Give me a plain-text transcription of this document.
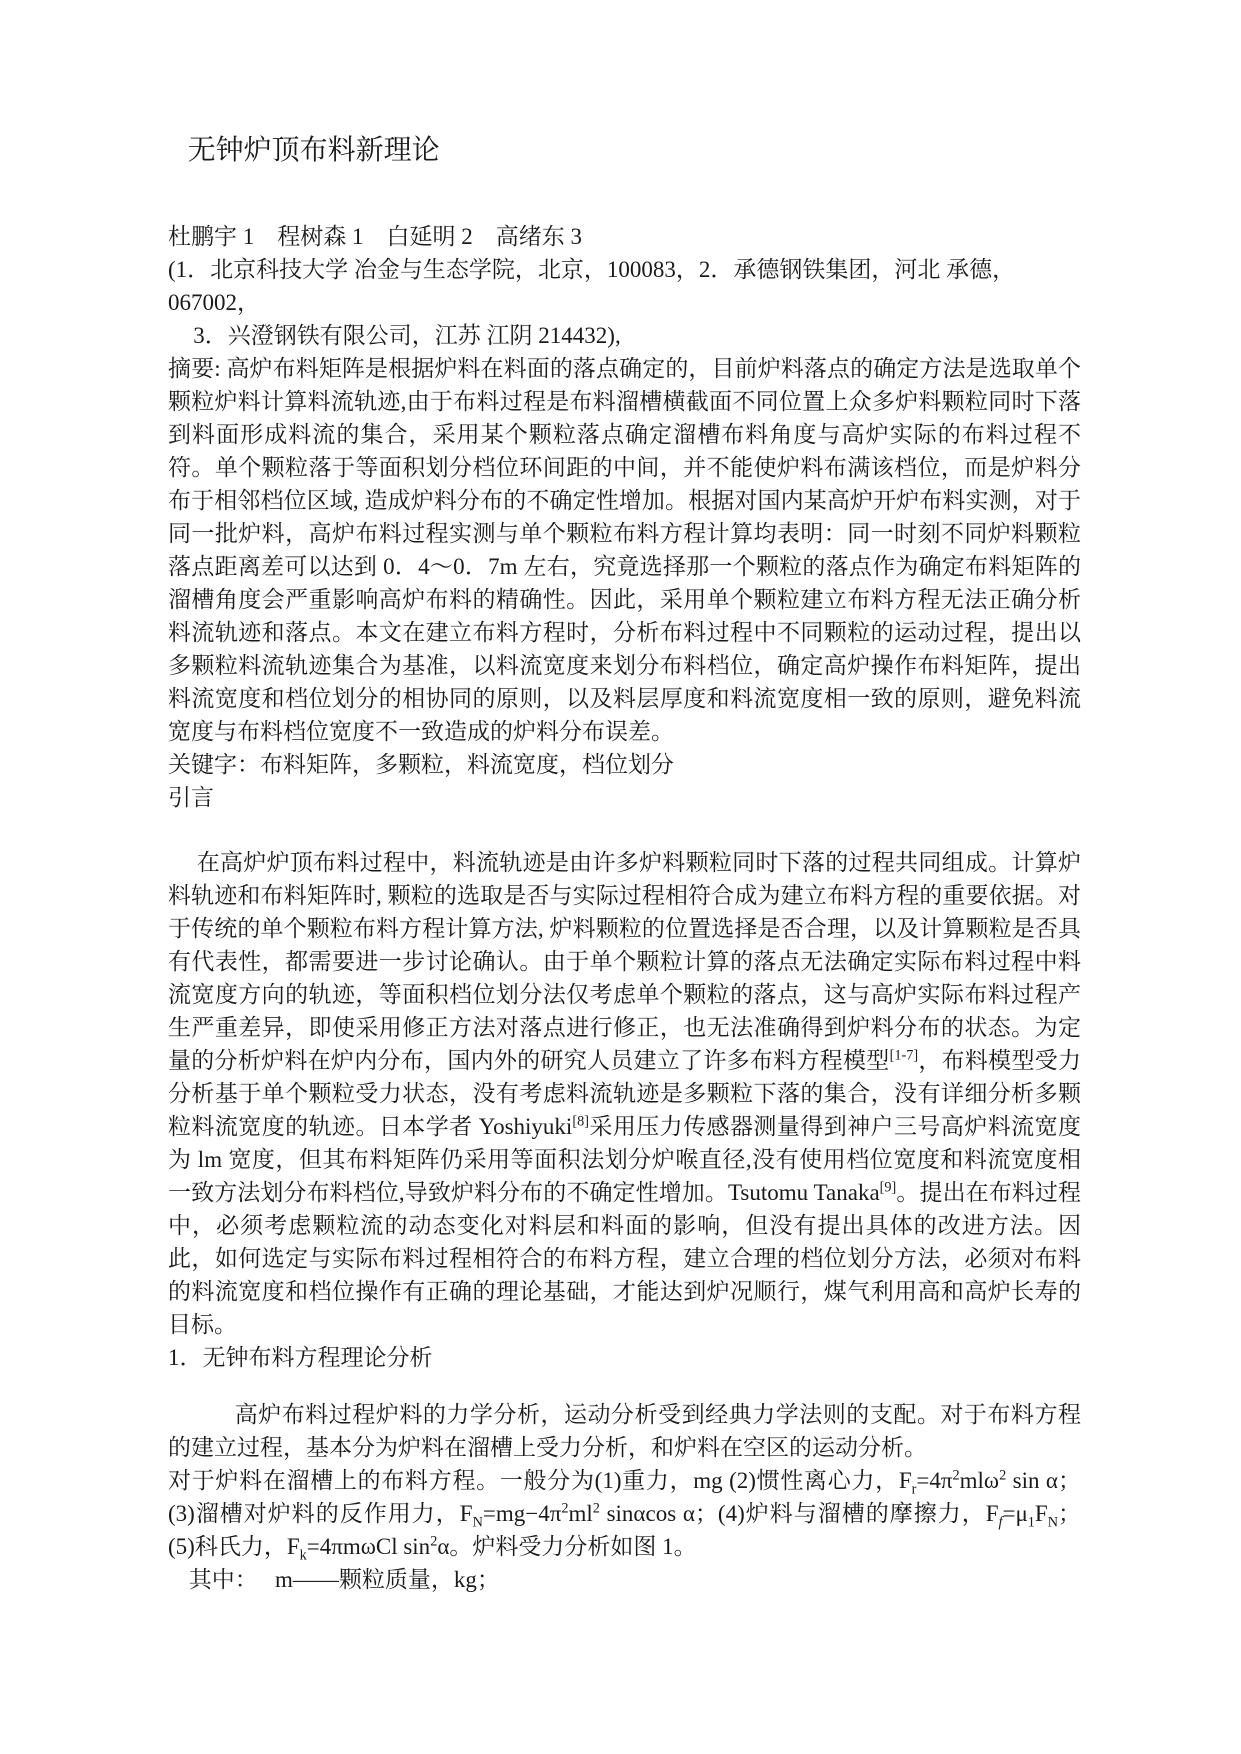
无钟炉顶布料新理论

杜鹏宇 1　程树森 1　白延明 2　高绪东 3

(1．北京科技大学 冶金与生态学院，北京，100083，2．承德钢铁集团，河北 承德，067002，

3．兴澄钢铁有限公司，江苏 江阴 214432),

摘要: 高炉布料矩阵是根据炉料在料面的落点确定的，目前炉料落点的确定方法是选取单个颗粒炉料计算料流轨迹,由于布料过程是布料溜槽横截面不同位置上众多炉料颗粒同时下落到料面形成料流的集合，采用某个颗粒落点确定溜槽布料角度与高炉实际的布料过程不符。单个颗粒落于等面积划分档位环间距的中间，并不能使炉料布满该档位，而是炉料分布于相邻档位区域, 造成炉料分布的不确定性增加。根据对国内某高炉开炉布料实测，对于同一批炉料，高炉布料过程实测与单个颗粒布料方程计算均表明：同一时刻不同炉料颗粒落点距离差可以达到 0．4～0．7m 左右，究竟选择那一个颗粒的落点作为确定布料矩阵的溜槽角度会严重影响高炉布料的精确性。因此，采用单个颗粒建立布料方程无法正确分析料流轨迹和落点。本文在建立布料方程时，分析布料过程中不同颗粒的运动过程，提出以多颗粒料流轨迹集合为基准，以料流宽度来划分布料档位，确定高炉操作布料矩阵，提出料流宽度和档位划分的相协同的原则，以及料层厚度和料流宽度相一致的原则，避免料流宽度与布料档位宽度不一致造成的炉料分布误差。

关键字：布料矩阵，多颗粒，料流宽度，档位划分

引言

在高炉炉顶布料过程中，料流轨迹是由许多炉料颗粒同时下落的过程共同组成。计算炉料轨迹和布料矩阵时, 颗粒的选取是否与实际过程相符合成为建立布料方程的重要依据。对于传统的单个颗粒布料方程计算方法, 炉料颗粒的位置选择是否合理，以及计算颗粒是否具有代表性，都需要进一步讨论确认。由于单个颗粒计算的落点无法确定实际布料过程中料流宽度方向的轨迹，等面积档位划分法仅考虑单个颗粒的落点，这与高炉实际布料过程产生严重差异，即使采用修正方法对落点进行修正，也无法准确得到炉料分布的状态。为定量的分析炉料在炉内分布，国内外的研究人员建立了许多布料方程模型[1-7]，布料模型受力分析基于单个颗粒受力状态，没有考虑料流轨迹是多颗粒下落的集合，没有详细分析多颗粒料流宽度的轨迹。日本学者 Yoshiyuki[8]采用压力传感器测量得到神户三号高炉料流宽度为 lm 宽度，但其布料矩阵仍采用等面积法划分炉喉直径,没有使用档位宽度和料流宽度相一致方法划分布料档位,导致炉料分布的不确定性增加。Tsutomu Tanaka[9]。提出在布料过程中，必须考虑颗粒流的动态变化对料层和料面的影响，但没有提出具体的改进方法。因此，如何选定与实际布料过程相符合的布料方程，建立合理的档位划分方法，必须对布料的料流宽度和档位操作有正确的理论基础，才能达到炉况顺行，煤气利用高和高炉长寿的目标。

1．无钟布料方程理论分析

高炉布料过程炉料的力学分析，运动分析受到经典力学法则的支配。对于布料方程的建立过程，基本分为炉料在溜槽上受力分析，和炉料在空区的运动分析。

对于炉料在溜槽上的布料方程。一般分为(1)重力，mg (2)惯性离心力，$F_r=4\pi^2ml\omega^2$ sin α；(3)溜槽对炉料的反作用力，$F_N=mg-4\pi^2ml^2$ sinαcos α；(4)炉料与溜槽的摩擦力，$F_f=\mu_1F_N$；(5)科氏力，$F_k=4\pi m\omega Cl$ $\sin^2\alpha$。炉料受力分析如图 1。

其中：　 m——颗粒质量，kg；
